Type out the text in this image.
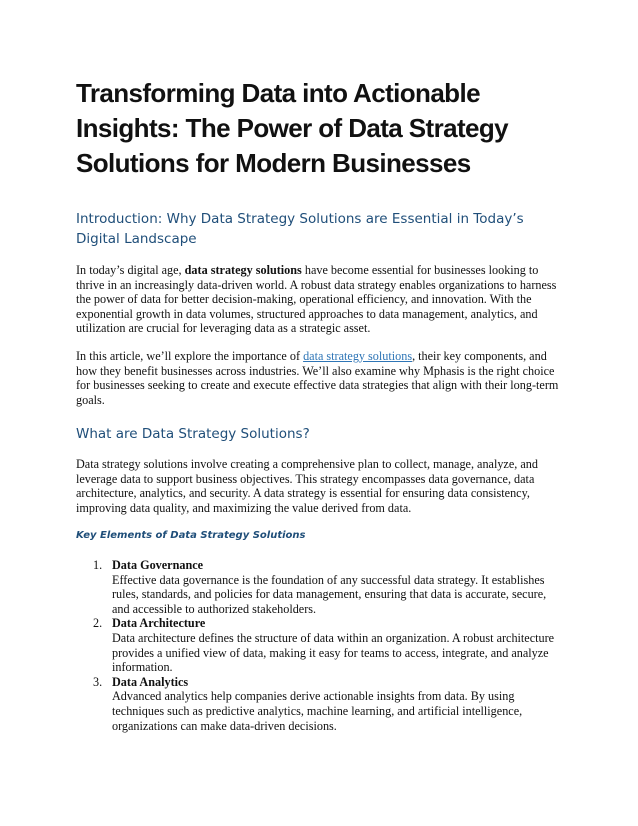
Transforming Data into Actionable Insights: The Power of Data Strategy Solutions for Modern Businesses
Introduction: Why Data Strategy Solutions are Essential in Today’s Digital Landscape

In today’s digital age, data strategy solutions have become essential for businesses looking to thrive in an increasingly data-driven world. A robust data strategy enables organizations to harness the power of data for better decision-making, operational efficiency, and innovation. With the exponential growth in data volumes, structured approaches to data management, analytics, and utilization are crucial for leveraging data as a strategic asset.

In this article, we’ll explore the importance of data strategy solutions, their key components, and how they benefit businesses across industries. We’ll also examine why Mphasis is the right choice for businesses seeking to create and execute effective data strategies that align with their long-term goals.

What are Data Strategy Solutions?

Data strategy solutions involve creating a comprehensive plan to collect, manage, analyze, and leverage data to support business objectives. This strategy encompasses data governance, data architecture, analytics, and security. A data strategy is essential for ensuring data consistency, improving data quality, and maximizing the value derived from data.

Key Elements of Data Strategy Solutions
1. Data Governance
Effective data governance is the foundation of any successful data strategy. It establishes rules, standards, and policies for data management, ensuring that data is accurate, secure, and accessible to authorized stakeholders.
2. Data Architecture
Data architecture defines the structure of data within an organization. A robust architecture provides a unified view of data, making it easy for teams to access, integrate, and analyze information.
3. Data Analytics
Advanced analytics help companies derive actionable insights from data. By using techniques such as predictive analytics, machine learning, and artificial intelligence, organizations can make data-driven decisions.
